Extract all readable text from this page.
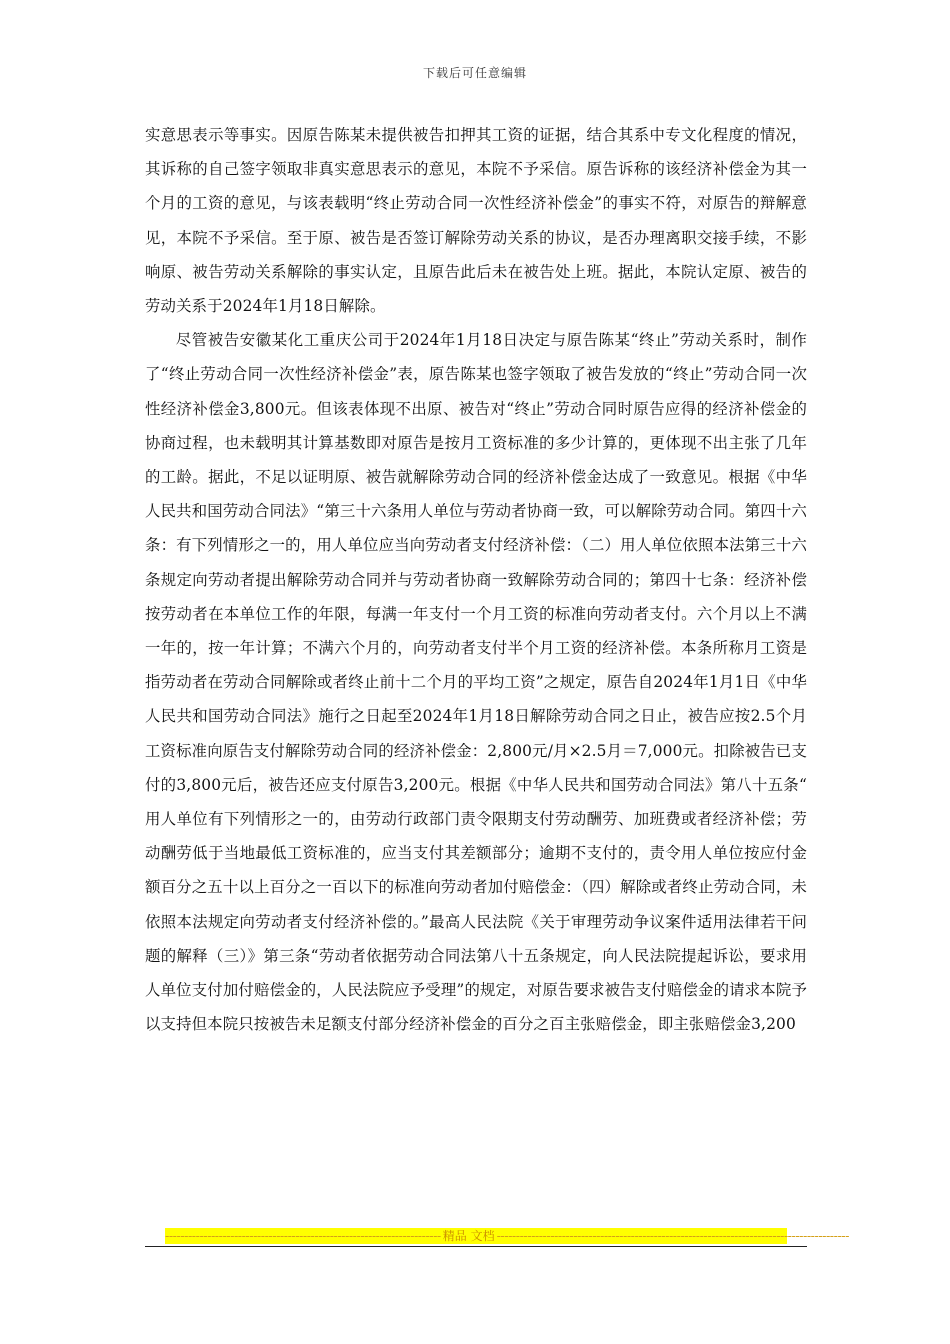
下载后可任意编辑

实意思表示等事实。因原告陈某未提供被告扣押其工资的证据，结合其系中专文化程度的情况，其诉称的自己签字领取非真实意思表示的意见，本院不予采信。原告诉称的该经济补偿金为其一个月的工资的意见，与该表载明“终止劳动合同一次性经济补偿金”的事实不符，对原告的辩解意见，本院不予采信。至于原、被告是否签订解除劳动关系的协议，是否办理离职交接手续，不影响原、被告劳动关系解除的事实认定，且原告此后未在被告处上班。据此，本院认定原、被告的劳动关系于2024年1月18日解除。

尽管被告安徽某化工重庆公司于2024年1月18日决定与原告陈某“终止”劳动关系时，制作了“终止劳动合同一次性经济补偿金”表，原告陈某也签字领取了被告发放的“终止”劳动合同一次性经济补偿金3,800元。但该表体现不出原、被告对“终止”劳动合同时原告应得的经济补偿金的协商过程，也未载明其计算基数即对原告是按月工资标准的多少计算的，更体现不出主张了几年的工龄。据此，不足以证明原、被告就解除劳动合同的经济补偿金达成了一致意见。根据《中华人民共和国劳动合同法》“第三十六条用人单位与劳动者协商一致，可以解除劳动合同。第四十六条：有下列情形之一的，用人单位应当向劳动者支付经济补偿：（二）用人单位依照本法第三十六条规定向劳动者提出解除劳动合同并与劳动者协商一致解除劳动合同的；第四十七条：经济补偿按劳动者在本单位工作的年限，每满一年支付一个月工资的标准向劳动者支付。六个月以上不满一年的，按一年计算；不满六个月的，向劳动者支付半个月工资的经济补偿。本条所称月工资是指劳动者在劳动合同解除或者终止前十二个月的平均工资”之规定，原告自2024年1月1日《中华人民共和国劳动合同法》施行之日起至2024年1月18日解除劳动合同之日止，被告应按2.5个月工资标准向原告支付解除劳动合同的经济补偿金：2,800元/月×2.5月＝7,000元。扣除被告已支付的3,800元后，被告还应支付原告3,200元。根据《中华人民共和国劳动合同法》第八十五条“ 用人单位有下列情形之一的，由劳动行政部门责令限期支付劳动酬劳、加班费或者经济补偿；劳动酬劳低于当地最低工资标准的，应当支付其差额部分；逾期不支付的，责令用人单位按应付金额百分之五十以上百分之一百以下的标准向劳动者加付赔偿金：（四）解除或者终止劳动合同，未依照本法规定向劳动者支付经济补偿的。”最高人民法院《关于审理劳动争议案件适用法律若干问题的解释（三）》第三条“劳动者依据劳动合同法第八十五条规定，向人民法院提起诉讼，要求用人单位支付加付赔偿金的，人民法院应予受理”的规定，对原告要求被告支付赔偿金的请求本院予以支持但本院只按被告未足额支付部分经济补偿金的百分之百主张赔偿金，即主张赔偿金3,200

------------------------------------------------------------------------ 精品 文档 --------------------------------------------------------------------------------------------
